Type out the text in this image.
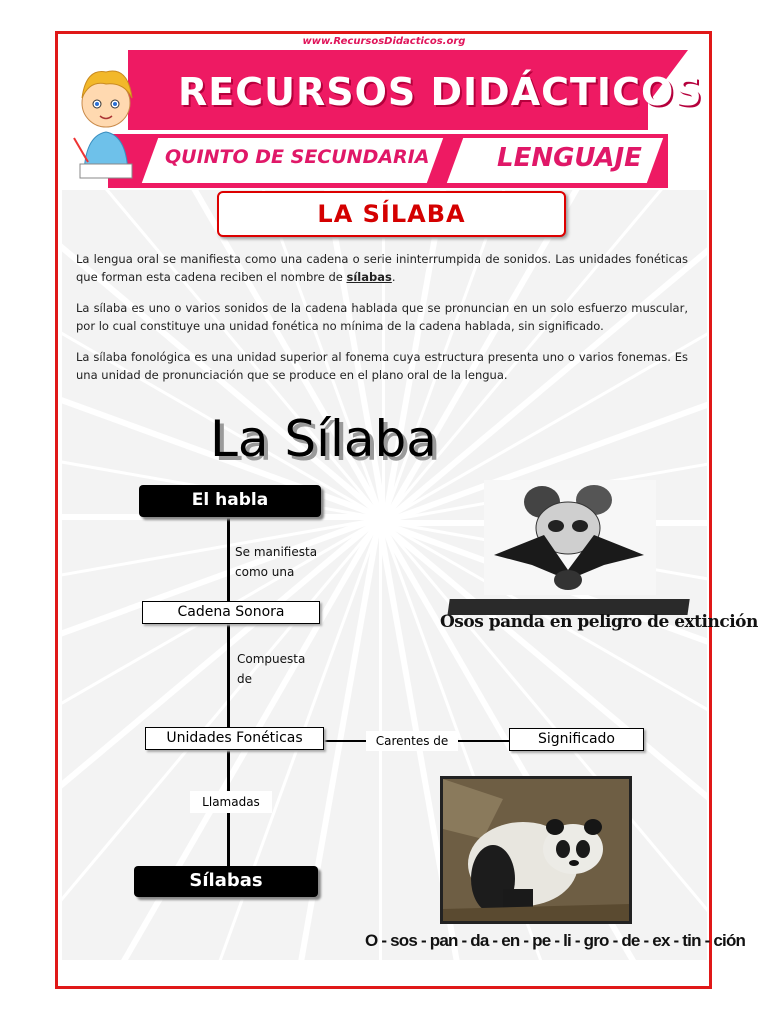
www.RecursosDidacticos.org
RECURSOS DIDÁCTICOS
QUINTO DE SECUNDARIA	LENGUAJE
LA SÍLABA
La lengua oral se manifiesta como una cadena o serie ininterrumpida de sonidos. Las unidades fonéticas que forman esta cadena reciben el nombre de sílabas.
La sílaba es uno o varios sonidos de la cadena hablada que se pronuncian en un solo esfuerzo muscular, por lo cual constituye una unidad fonética no mínima de la cadena hablada, sin significado.
La sílaba fonológica es una unidad superior al fonema cuya estructura presenta uno o varios fonemas. Es una unidad de pronunciación que se produce en el plano oral de la lengua.
La Sílaba
El habla
Se manifiesta
como una
Cadena Sonora
Compuesta
de
Unidades Fonéticas	Carentes de	Significado
Llamadas
Sílabas
Osos panda en peligro de extinción
O - sos - pan - da - en - pe - li - gro - de - ex - tin - ción
